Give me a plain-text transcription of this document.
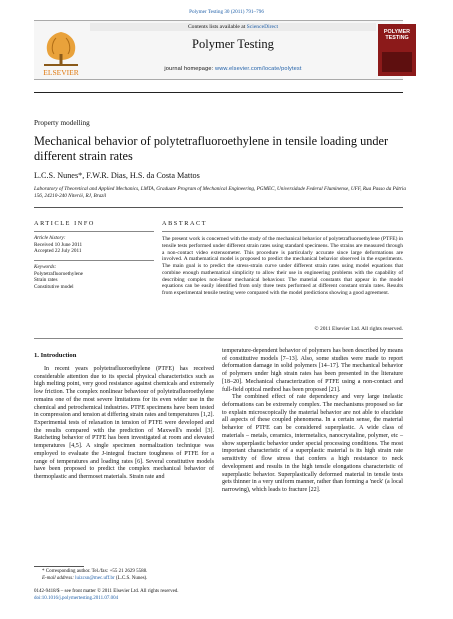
Polymer Testing 30 (2011) 791–796
ELSEVIER
Contents lists available at ScienceDirect
Polymer Testing
journal homepage: www.elsevier.com/locate/polytest
POLYMER TESTING
Property modelling
Mechanical behavior of polytetrafluoroethylene in tensile loading under different strain rates
L.C.S. Nunes*, F.W.R. Dias, H.S. da Costa Mattos
Laboratory of Theoretical and Applied Mechanics, LMTA, Graduate Program of Mechanical Engineering, PGMEC, Universidade Federal Fluminense, UFF, Rua Passo da Pátria 156, 24210-240 Niterói, RJ, Brazil
ARTICLE INFO	ABSTRACT
Article history:
Received 10 June 2011
Accepted 22 July 2011
Keywords:
Polytetrafluoroethylene
Strain rates
Constitutive model
The present work is concerned with the study of the mechanical behavior of polytetrafluoroethylene (PTFE) in tensile tests performed under different strain rates using standard specimens. The strains are measured through a non-contact video extensometer. This procedure is particularly accurate since large deformations are involved. A mathematical model is proposed to predict the mechanical behavior observed in the experiments. The main goal is to predict the stress-strain curve under different strain rates using model equations that combine enough mathematical simplicity to allow their use in engineering problems with the capability of describing complex non-linear mechanical behaviour. The material constants that appear in the model equations can be easily identified from only three tests performed at different constant strain rates. Results from experimental tensile testing were compared with the model predictions showing a good agreement.
© 2011 Elsevier Ltd. All rights reserved.
1. Introduction

In recent years polytetrafluoroethylene (PTFE) has received considerable attention due to its special physical characteristics such as high melting point, very good resistance against chemicals and extremely low friction. The complex nonlinear behaviour of polytetrafluoroethylene remains one of the most severe limitations for its even wider use in the chemical and petrochemical industries. PTFE specimens have been tested in compression and tension at differing strain rates and temperatures [1,2]. Experimental tests of relaxation in tension of PTFE were developed and the results compared with the prediction of Maxwell's model [3]. Ratcheting behavior of PTFE has been investigated at room and elevated temperatures [4,5]. A single specimen normalization technique was employed to evaluate the J-integral fracture toughness of PTFE for a range of temperatures and loading rates [6]. Several constitutive models have been proposed to predict the complex mechanical behavior of thermoplastic and thermoset materials. Strain rate and

temperature-dependent behavior of polymers has been described by means of constitutive models [7–13]. Also, some studies were made to report deformation damage in solid polymers [14–17]. The mechanical behavior of polymers under high strain rates has been presented in the literature [18–20]. Mechanical characterization of PTFE using a non-contact and full-field optical method has been proposed [21].

The combined effect of rate dependency and very large inelastic deformations can be extremely complex. The mechanisms proposed so far to explain microscopically the material behavior are not able to elucidate all aspects of these coupled phenomena. In a certain sense, the material behavior of PTFE can be considered superplastic. A wide class of materials – metals, ceramics, intermetalics, nanocrystaline, polymer, etc – show superplastic behavior under special processing conditions. The most important characteristic of a superplastic material is its high strain rate sensitivity of flow stress that confers a high resistance to neck development and results in the high tensile elongations characteristic of superplastic behavior. Superplastically deformed material in tensile tests gets thinner in a very uniform manner, rather than forming a 'neck' (a local narrowing), which leads to fracture [22].

* Corresponding author. Tel./fax: +55 21 2629 5588.
E-mail address: luizcsn@mec.uff.br (L.C.S. Nunes).
0142-9418/$ – see front matter © 2011 Elsevier Ltd. All rights reserved.
doi:10.1016/j.polymertesting.2011.07.004
